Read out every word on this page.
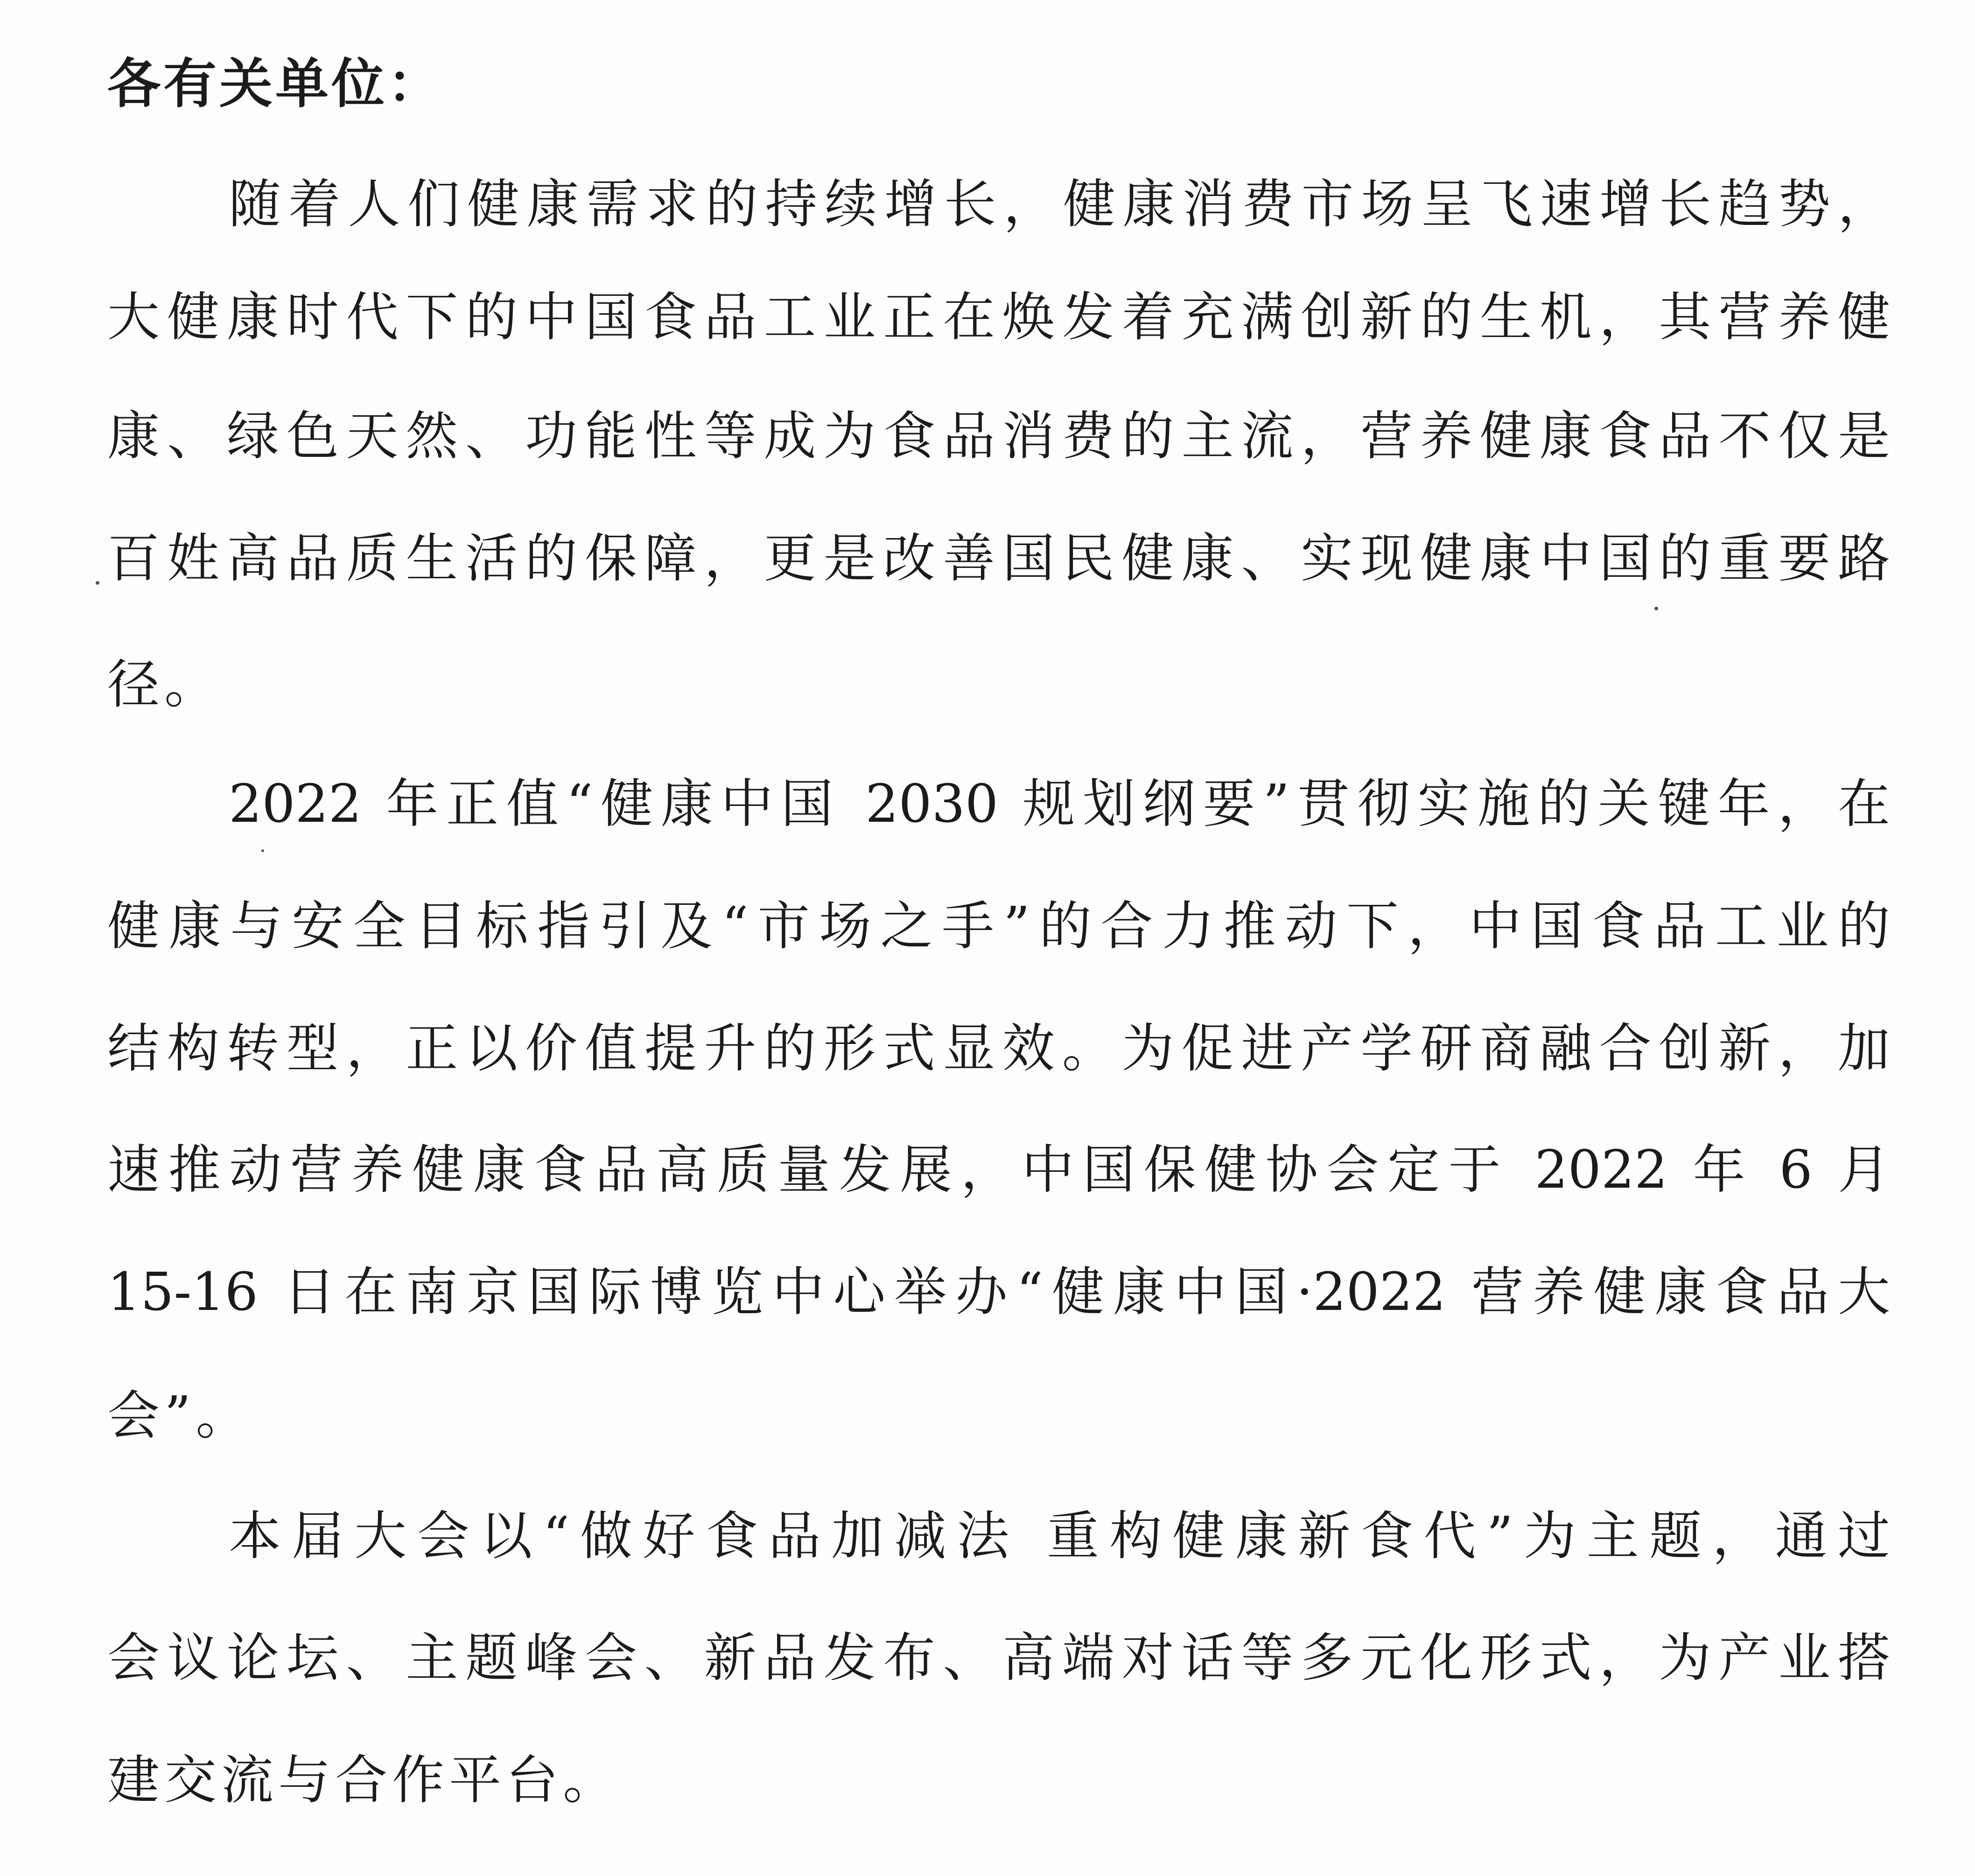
各有关单位：

随着人们健康需求的持续增长，健康消费市场呈飞速增长趋势，

大健康时代下的中国食品工业正在焕发着充满创新的生机，其营养健

康、绿色天然、功能性等成为食品消费的主流，营养健康食品不仅是

百姓高品质生活的保障，更是改善国民健康、实现健康中国的重要路

径。

2022 年正值“健康中国 2030 规划纲要”贯彻实施的关键年，在

健康与安全目标指引及“市场之手”的合力推动下，中国食品工业的

结构转型，正以价值提升的形式显效。为促进产学研商融合创新，加

速推动营养健康食品高质量发展，中国保健协会定于 2022 年 6 月

15-16 日在南京国际博览中心举办“健康中国·2022 营养健康食品大

会”。

本届大会以“做好食品加减法 重构健康新食代”为主题，通过

会议论坛、主题峰会、新品发布、高端对话等多元化形式，为产业搭

建交流与合作平台。
